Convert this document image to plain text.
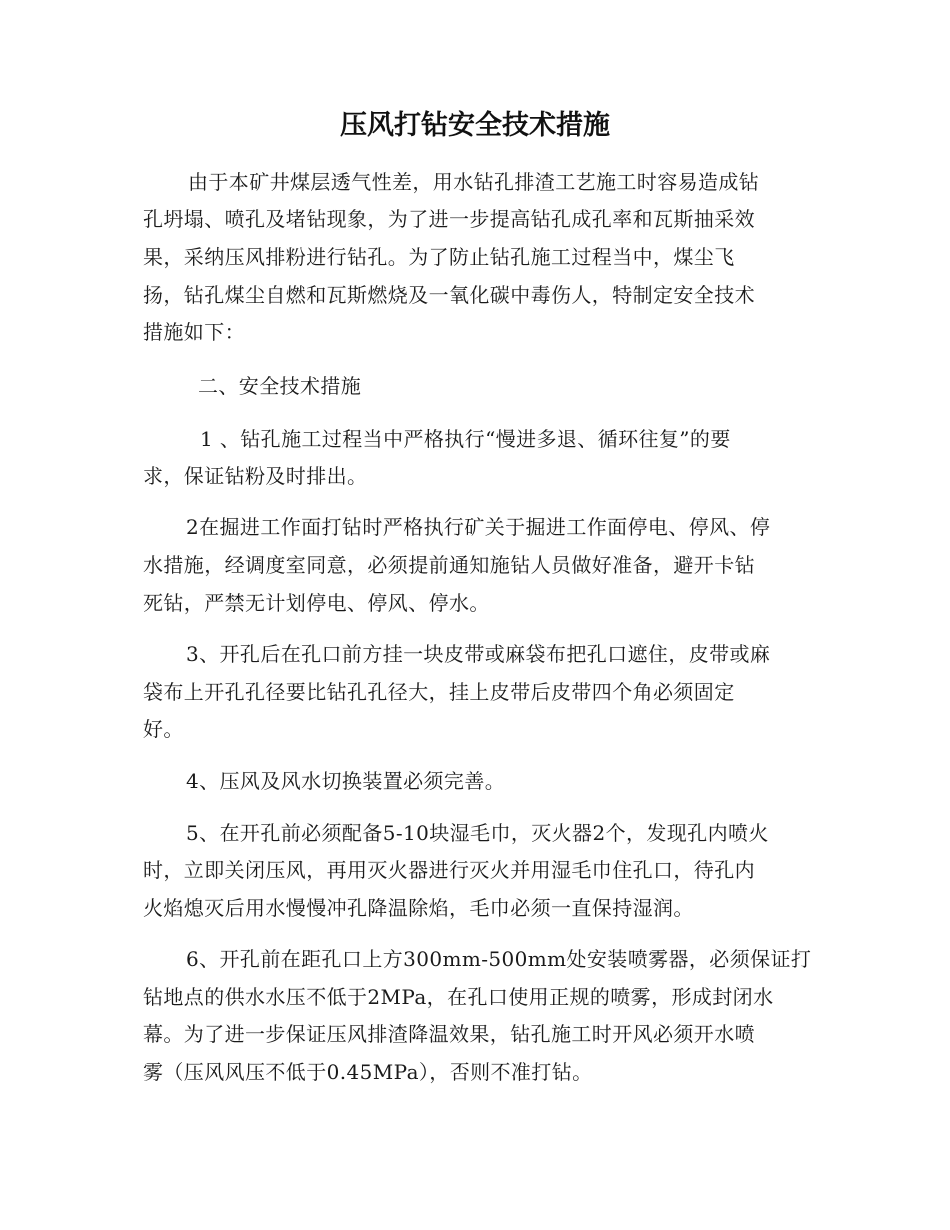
压风打钻安全技术措施
由于本矿井煤层透气性差，用水钻孔排渣工艺施工时容易造成钻
孔坍塌、喷孔及堵钻现象，为了进一步提高钻孔成孔率和瓦斯抽采效
果，采纳压风排粉进行钻孔。为了防止钻孔施工过程当中，煤尘飞
扬，钻孔煤尘自燃和瓦斯燃烧及一氧化碳中毒伤人，特制定安全技术
措施如下：
二、安全技术措施
1 、钻孔施工过程当中严格执行“慢进多退、循环往复”的要
求，保证钻粉及时排出。
2在掘进工作面打钻时严格执行矿关于掘进工作面停电、停风、停
水措施，经调度室同意，必须提前通知施钻人员做好准备，避开卡钻
死钻，严禁无计划停电、停风、停水。
3、开孔后在孔口前方挂一块皮带或麻袋布把孔口遮住，皮带或麻
袋布上开孔孔径要比钻孔孔径大，挂上皮带后皮带四个角必须固定
好。
4、压风及风水切换装置必须完善。
5、在开孔前必须配备5-10块湿毛巾，灭火器2个，发现孔内喷火
时，立即关闭压风，再用灭火器进行灭火并用湿毛巾住孔口，待孔内
火焰熄灭后用水慢慢冲孔降温除焰，毛巾必须一直保持湿润。
6、开孔前在距孔口上方300mm-500mm处安装喷雾器，必须保证打
钻地点的供水水压不低于2MPa，在孔口使用正规的喷雾，形成封闭水
幕。为了进一步保证压风排渣降温效果，钻孔施工时开风必须开水喷
雾（压风风压不低于0.45MPa），否则不准打钻。
